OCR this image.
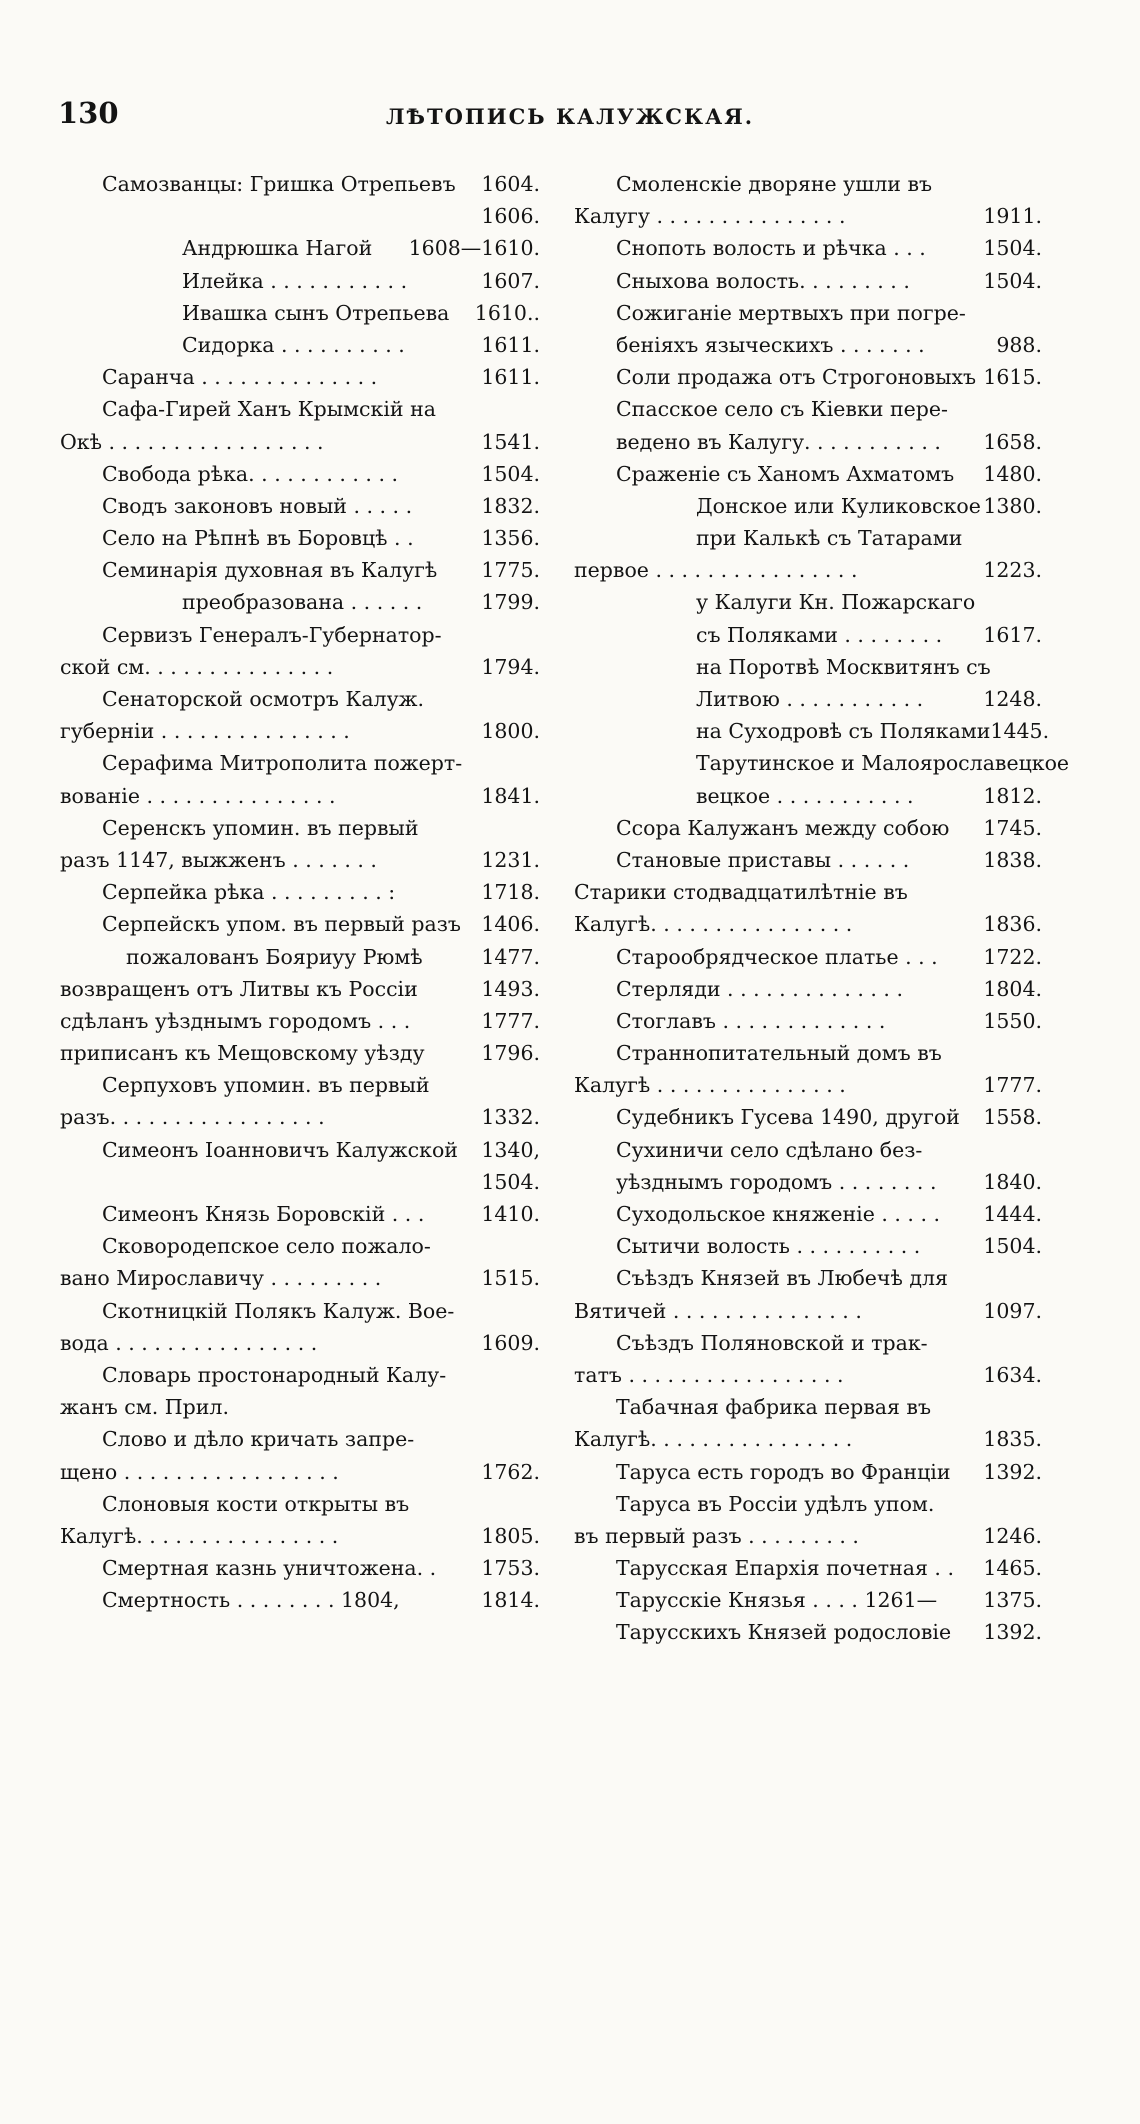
130	ЛѢТОПИСЬ КАЛУЖСКАЯ.
Самозванцы: Гришка Отрепьевъ 1604.
1606.
Андрюшка Нагой 1608—1610.
Илейка . . . . . . . . . . .	1607.
Ивашка сынъ Отрепьева 1610..
Сидорка . . . . . . . . . .	1611.
Саранча . . . . . . . . . . . . . .	1611.
Сафа-Гирей Ханъ Крымскій на
Окѣ . . . . . . . . . . . . . . . . .	1541.
Свобода рѣка. . . . . . . . . . . .	1504.
Сводъ законовъ новый . . . . .	1832.
Село на Рѣпнѣ въ Боровцѣ . .	1356.
Семинарія духовная въ Калугѣ 1775.
преобразована . . . . . .	1799.
Сервизъ Генералъ-Губернатор-
ской см. . . . . . . . . . . . . . .	1794.
Сенаторской осмотръ Калуж.
губерніи . . . . . . . . . . . . . . .	1800.
Серафима Митрополита пожерт-
вованіе . . . . . . . . . . . . . . .	1841.
Серенскъ упомин. въ первый
разъ 1147, выжженъ . . . . . . .	1231.
Серпейка рѣка . . . . . . . . . :	1718.
Серпейскъ упом. въ первый разъ 1406.
пожалованъ Бояриyу Рюмѣ	1477.
возвращенъ отъ Литвы къ Россіи	1493.
сдѣланъ уѣзднымъ городомъ . . .	1777.
приписанъ къ Мещовскому уѣзду	1796.
Серпуховъ упомин. въ первый
разъ. . . . . . . . . . . . . . . . .	1332.
Симеонъ Іоанновичъ Калужской 1340,
1504.
Симеонъ Князь Боровскій . . .	1410.
Сковородепское село пожало-
вано Мирославичу . . . . . . . . .	1515.
Скотницкій Полякъ Калуж. Вое-
вода . . . . . . . . . . . . . . . .	1609.
Словарь простонародный Калу-
жанъ см. Прил.
Слово и дѣло кричать запре-
щено . . . . . . . . . . . . . . . . .	1762.
Слоновыя кости открыты въ
Калугѣ. . . . . . . . . . . . . . . .	1805.
Смертная казнь уничтожена. . 1753.
Смертность . . . . . . . . 1804,	1814.
Смоленскіе дворяне ушли въ
Калугу . . . . . . . . . . . . . . .	1911.
Снопоть волость и рѣчка . . .	1504.
Сныхова волость. . . . . . . . .	1504.
Сожиганіе мертвыхъ при погре-
беніяхъ языческихъ . . . . . . .	988.
Соли продажа отъ Строгоновыхъ 1615.
Спасское село съ Кіевки пере-
ведено въ Калугу. . . . . . . . . . . 1658.
Сраженіе съ Ханомъ Ахматомъ 1480.
Донское или Куликовское 1380.
при Калькѣ съ Татарами
первое . . . . . . . . . . . . . . . .	1223.
у Калуги Кн. Пожарскаго
съ Поляками . . . . . . . . 1617.
на Поротвѣ Москвитянъ съ
Литвою . . . . . . . . . . .	1248.
на Суходровѣ съ Поляками 1445.
Тарутинское и Малоярославецкое
вецкое . . . . . . . . . . .	1812.
Ссора Калужанъ между собою 1745.
Становые приставы . . . . . .	1838.
Старики стодвадцатилѣтніе въ
Калугѣ. . . . . . . . . . . . . . . .	1836.
Старообрядческое платье . . . 1722.
Стерляди . . . . . . . . . . . . . .	1804.
Стоглавъ . . . . . . . . . . . . .	1550.
Страннопитательный домъ въ
Калугѣ . . . . . . . . . . . . . . .	1777.
Судебникъ Гусева 1490, другой 1558.
Сухиничи село сдѣлано без-
уѣзднымъ городомъ . . . . . . . . 1840.
Суходольское княженіе . . . . . 1444.
Сытичи волость . . . . . . . . . .	1504.
Съѣздъ Князей въ Любечѣ для
Вятичей . . . . . . . . . . . . . . .	1097.
Съѣздъ Поляновской и трак-
татъ . . . . . . . . . . . . . . . . .	1634.
Табачная фабрика первая въ
Калугѣ. . . . . . . . . . . . . . . .	1835.
Таруса есть городъ во Франціи 1392.
Таруса въ Россіи удѣлъ упом.
въ первый разъ . . . . . . . . .	1246.
Тарусская Епархія почетная . . 1465.
Тарусскіе Князья . . . . 1261— 1375.
Тарусскихъ Князей родословіе 1392.
